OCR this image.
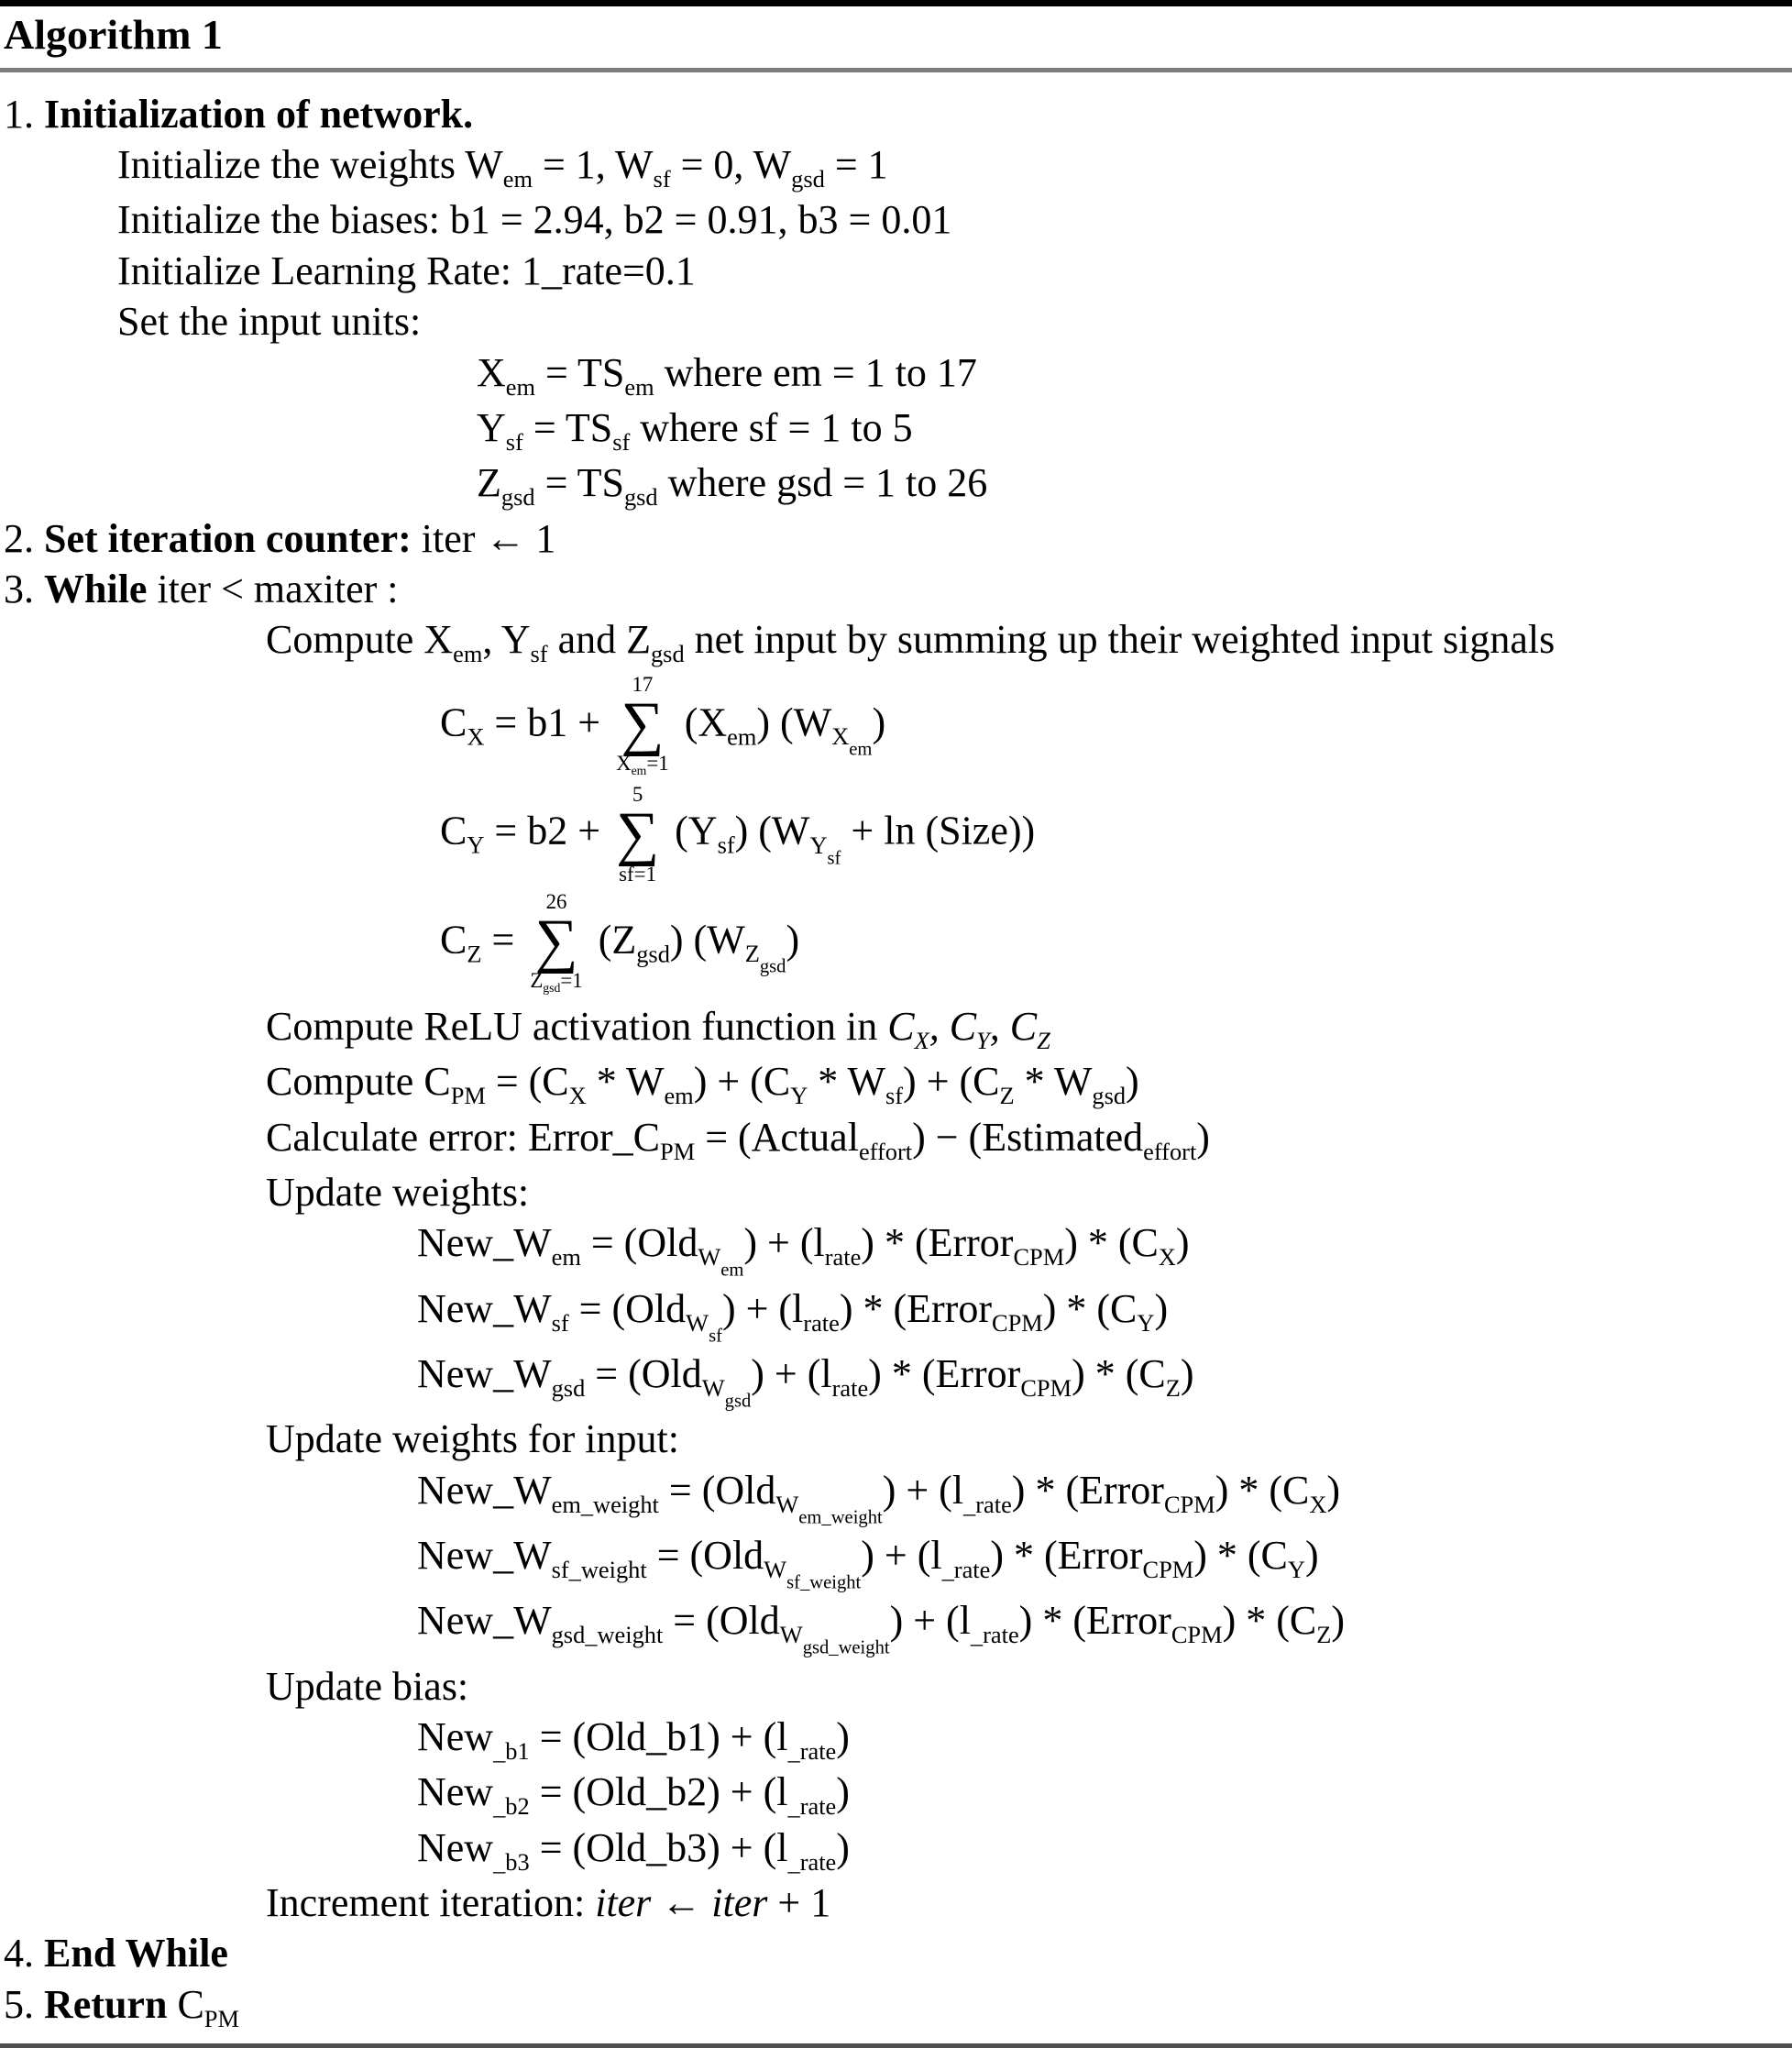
Algorithm 1
1. Initialization of network.
Initialize the weights $W_{em} = 1$, $W_{sf} = 0$, $W_{gsd} = 1$
Initialize the biases: b1 = 2.94, b2 = 0.91, b3 = 0.01
Initialize Learning Rate: 1_rate=0.1
Set the input units:
$X_{em} = TS_{em}$ where em = 1 to 17
$Y_{sf} = TS_{sf}$ where sf = 1 to 5
$Z_{gsd} = TS_{gsd}$ where gsd = 1 to 26
2. Set iteration counter: iter ← 1
3. While iter < maxiter :
Compute $X_{em}$, $Y_{sf}$ and $Z_{gsd}$ net input by summing up their weighted input signals
$C_X = b1$ +
17
∑
$X_{em}=1$
$(X_{em})$ $(W_{X_{em}})$
$C_Y = b2$ +
5
∑
sf=1
$(Y_{sf}) (W_{Y_{sf}} + \ln$ (Size))
$C_Z$ =
26
∑
$Z_{gsd}=1$
$(Z_{gsd})$ $(W_{Z_{gsd}})$
Compute ReLU activation function in $C_X$, $C_Y$, $C_Z$
Compute $C_{PM} = (C_X * W_{em}) + (C_Y * W_{sf}) + (C_Z * W_{gsd})$
Calculate error: $Error\_C_{PM}$ = (Actual$_{effort}$) − (Estimated$_{effort}$)
Update weights:
$New\_W_{em} = (Old_{W_{em}}) + (l_{rate})$ * (Error$_{CPM}$) * $(C_X)$
$New\_W_{sf} = (Old_{W_{sf}}) + (l_{rate})$ * (Error$_{CPM}$) * $(C_Y)$
$New\_W_{gsd} = (Old_{W_{gsd}}) + (l_{rate})$ * (Error$_{CPM}$) * $(C_Z)$
Update weights for input:
$New\_W_{em\_weight} = (Old_{W_{em\_weight}}) + (l_{\_rate})$ * (Error$_{CPM}$) * $(C_X)$
$New\_W_{sf\_weight} = (Old_{W_{sf\_weight}}) + (l_{\_rate})$ * (Error$_{CPM}$) * $(C_Y)$
$New\_W_{gsd\_weight} = (Old_{W_{gsd\_weight}}) + (l_{\_rate})$ * (Error$_{CPM}$) * $(C_Z)$
Update bias:
New$_{\_b1}$ = (Old_b1) + $(l_{\_rate})$
New$_{\_b2}$ = (Old_b2) + $(l_{\_rate})$
New$_{\_b3}$ = (Old_b3) + $(l_{\_rate})$
Increment iteration: iter ← iter + 1
4. End While
5. Return $C_{PM}$
